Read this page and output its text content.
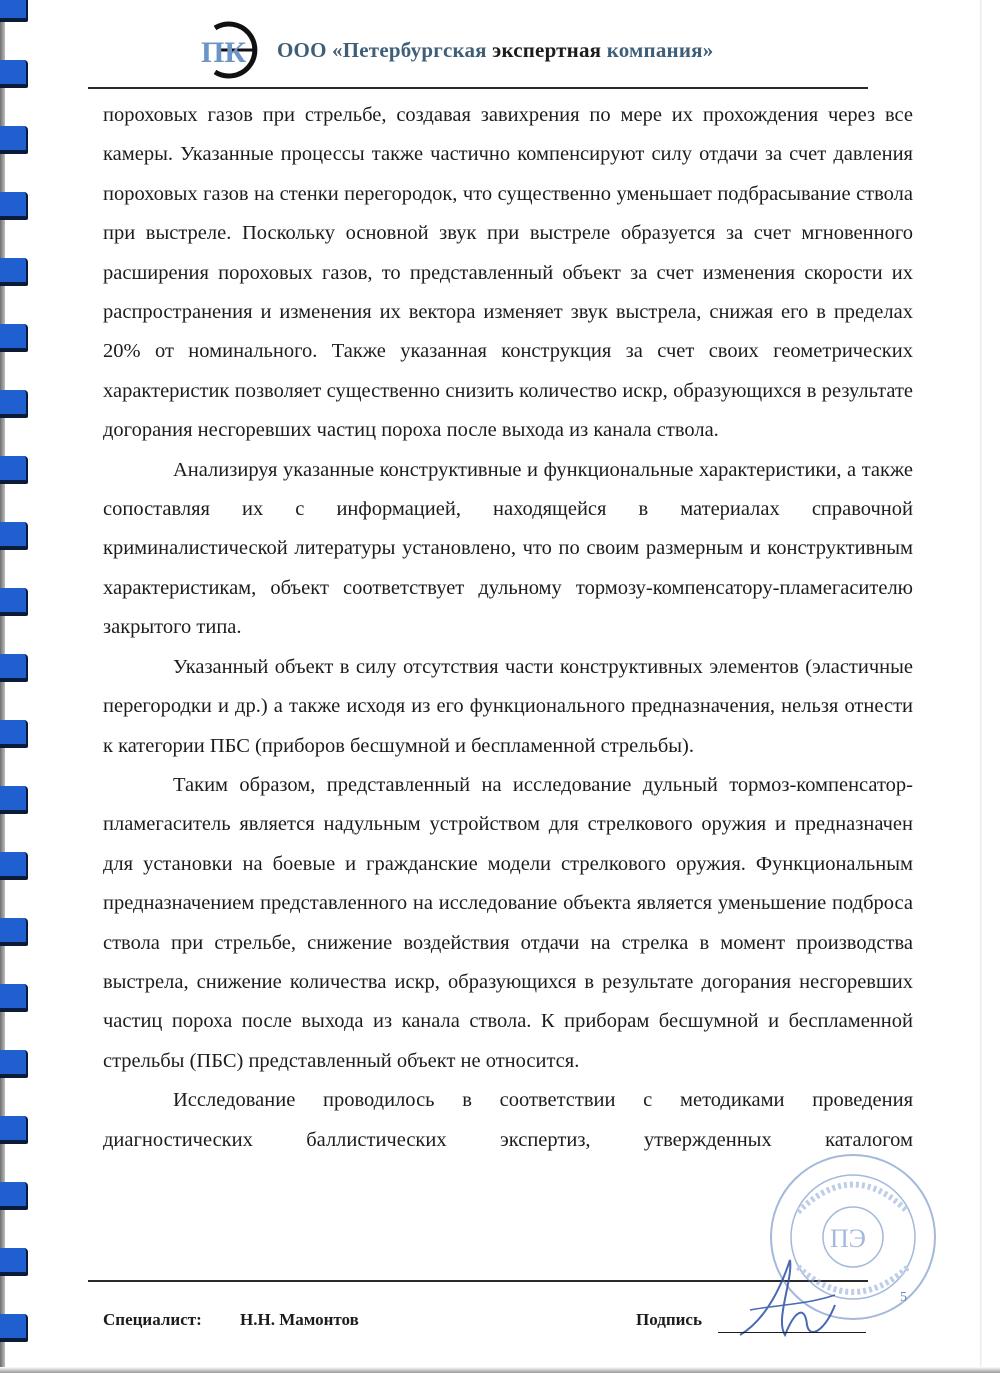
ПК ООО «Петербургская экспертная компания»

пороховых газов при стрельбе, создавая завихрения по мере их прохождения через все камеры. Указанные процессы также частично компенсируют силу отдачи за счет давления пороховых газов на стенки перегородок, что существенно уменьшает подбрасывание ствола при выстреле. Поскольку основной звук при выстреле образуется за счет мгновенного расширения пороховых газов, то представленный объект за счет изменения скорости их распространения и изменения их вектора изменяет звук выстрела, снижая его в пределах 20% от номинального. Также указанная конструкция за счет своих геометрических характеристик позволяет существенно снизить количество искр, образующихся в результате догорания несгоревших частиц пороха после выхода из канала ствола.

Анализируя указанные конструктивные и функциональные характеристики, а также сопоставляя их с информацией, находящейся в материалах справочной криминалистической литературы установлено, что по своим размерным и конструктивным характеристикам, объект соответствует дульному тормозу-компенсатору-пламегасителю закрытого типа.

Указанный объект в силу отсутствия части конструктивных элементов (эластичные перегородки и др.) а также исходя из его функционального предназначения, нельзя отнести к категории ПБС (приборов бесшумной и беспламенной стрельбы).

Таким образом, представленный на исследование дульный тормоз-компенсатор-пламегаситель является надульным устройством для стрелкового оружия и предназначен для установки на боевые и гражданские модели стрелкового оружия. Функциональным предназначением представленного на исследование объекта является уменьшение подброса ствола при стрельбе, снижение воздействия отдачи на стрелка в момент производства выстрела, снижение количества искр, образующихся в результате догорания несгоревших частиц пороха после выхода из канала ствола. К приборам бесшумной и беспламенной стрельбы (ПБС) представленный объект не относится.

Исследование проводилось в соответствии с методиками проведения диагностических баллистических экспертиз, утвержденных каталогом

ПЭ
5
Специалист: Н.Н. Мамонтов	Подпись
